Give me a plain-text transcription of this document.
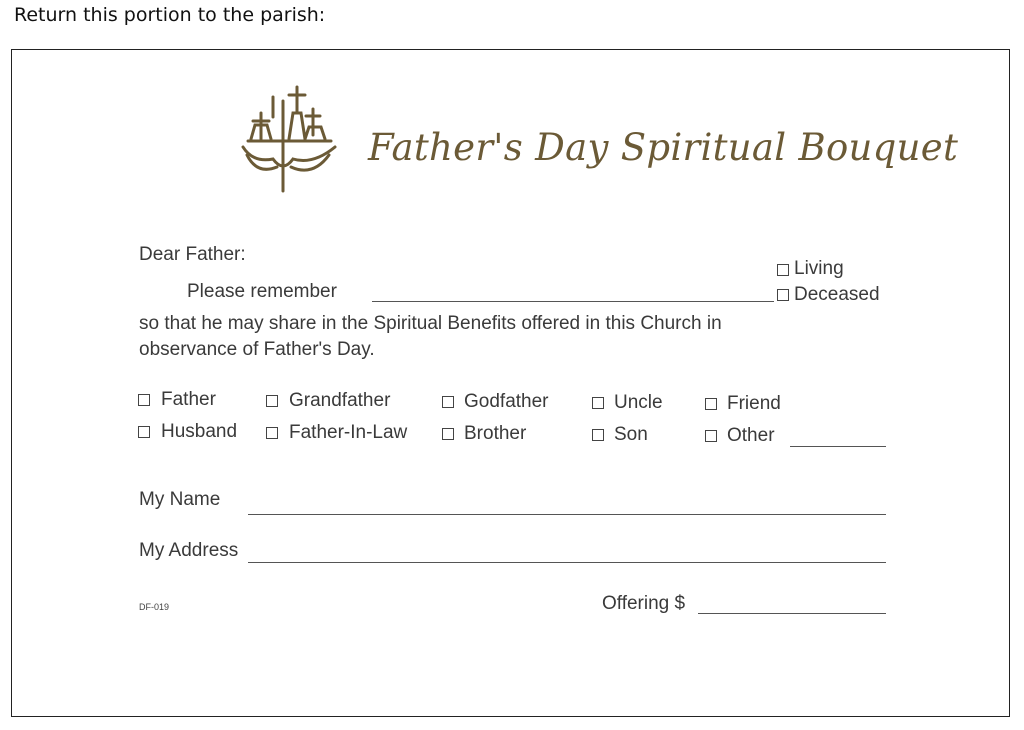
Return this portion to the parish:
Father's Day Spiritual Bouquet
Dear Father:
Please remember
Living
Deceased
so that he may share in the Spiritual Benefits offered in this Church in
observance of Father's Day.
Father	Grandfather	Godfather	Uncle	Friend
Husband	Father-In-Law	Brother	Son	Other
My Name
My Address
DF-019	Offering $
